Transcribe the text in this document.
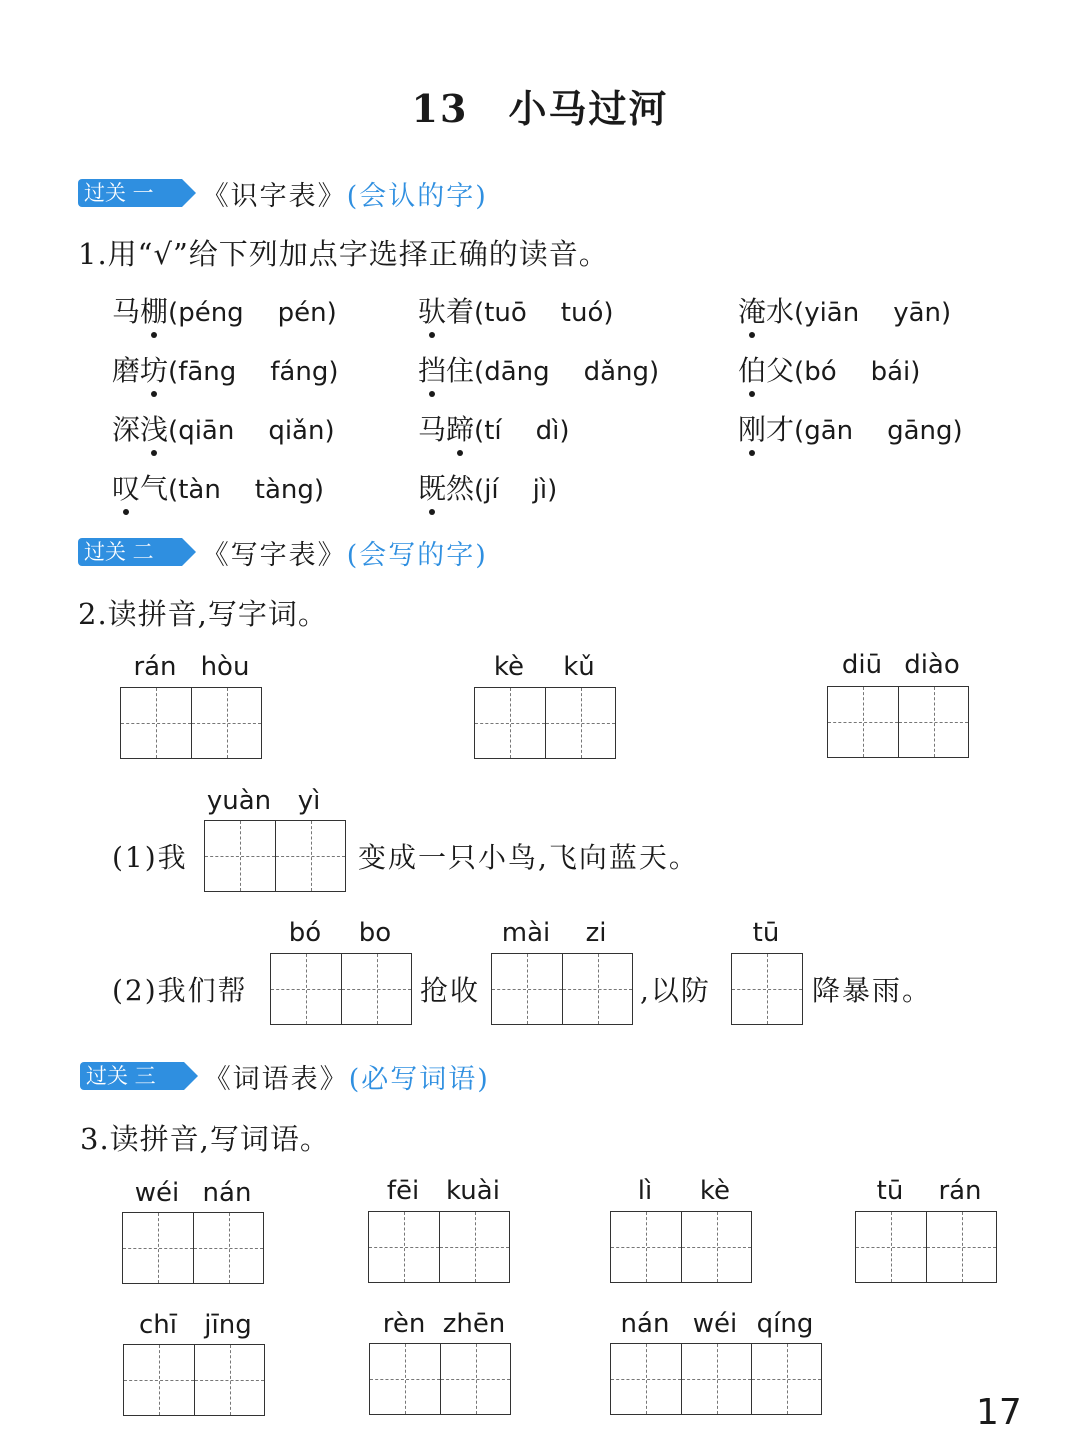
13 小马过河
过关 一	《识字表》(会认的字)
1.用“√”给下列加点字选择正确的读音。
马棚(péng pén)	驮着(tuō tuó)	淹水(yiān yān)
磨坊(fāng fáng)	挡住(dāng dǎng)	伯父(bó bái)
深浅(qiān qiǎn)	马蹄(tí dì)	刚才(gān gāng)
叹气(tàn tàng)	既然(jí jì)
过关 二	《写字表》(会写的字)
2.读拼音,写字词。
rán hòu	kè	kǔ	diū diào
yuàn	yì
(1)我	变成一只小鸟,飞向蓝天。
bó	bo	mài	zi	tū
(2)我们帮	抢收	,以防	降暴雨。
过关 三	《词语表》(必写词语)
3.读拼音,写词语。
wéi nán	fēi	kuài	lì	kè	tū	rán
chī	jīng	rèn zhēn	nán wéi qíng
17
